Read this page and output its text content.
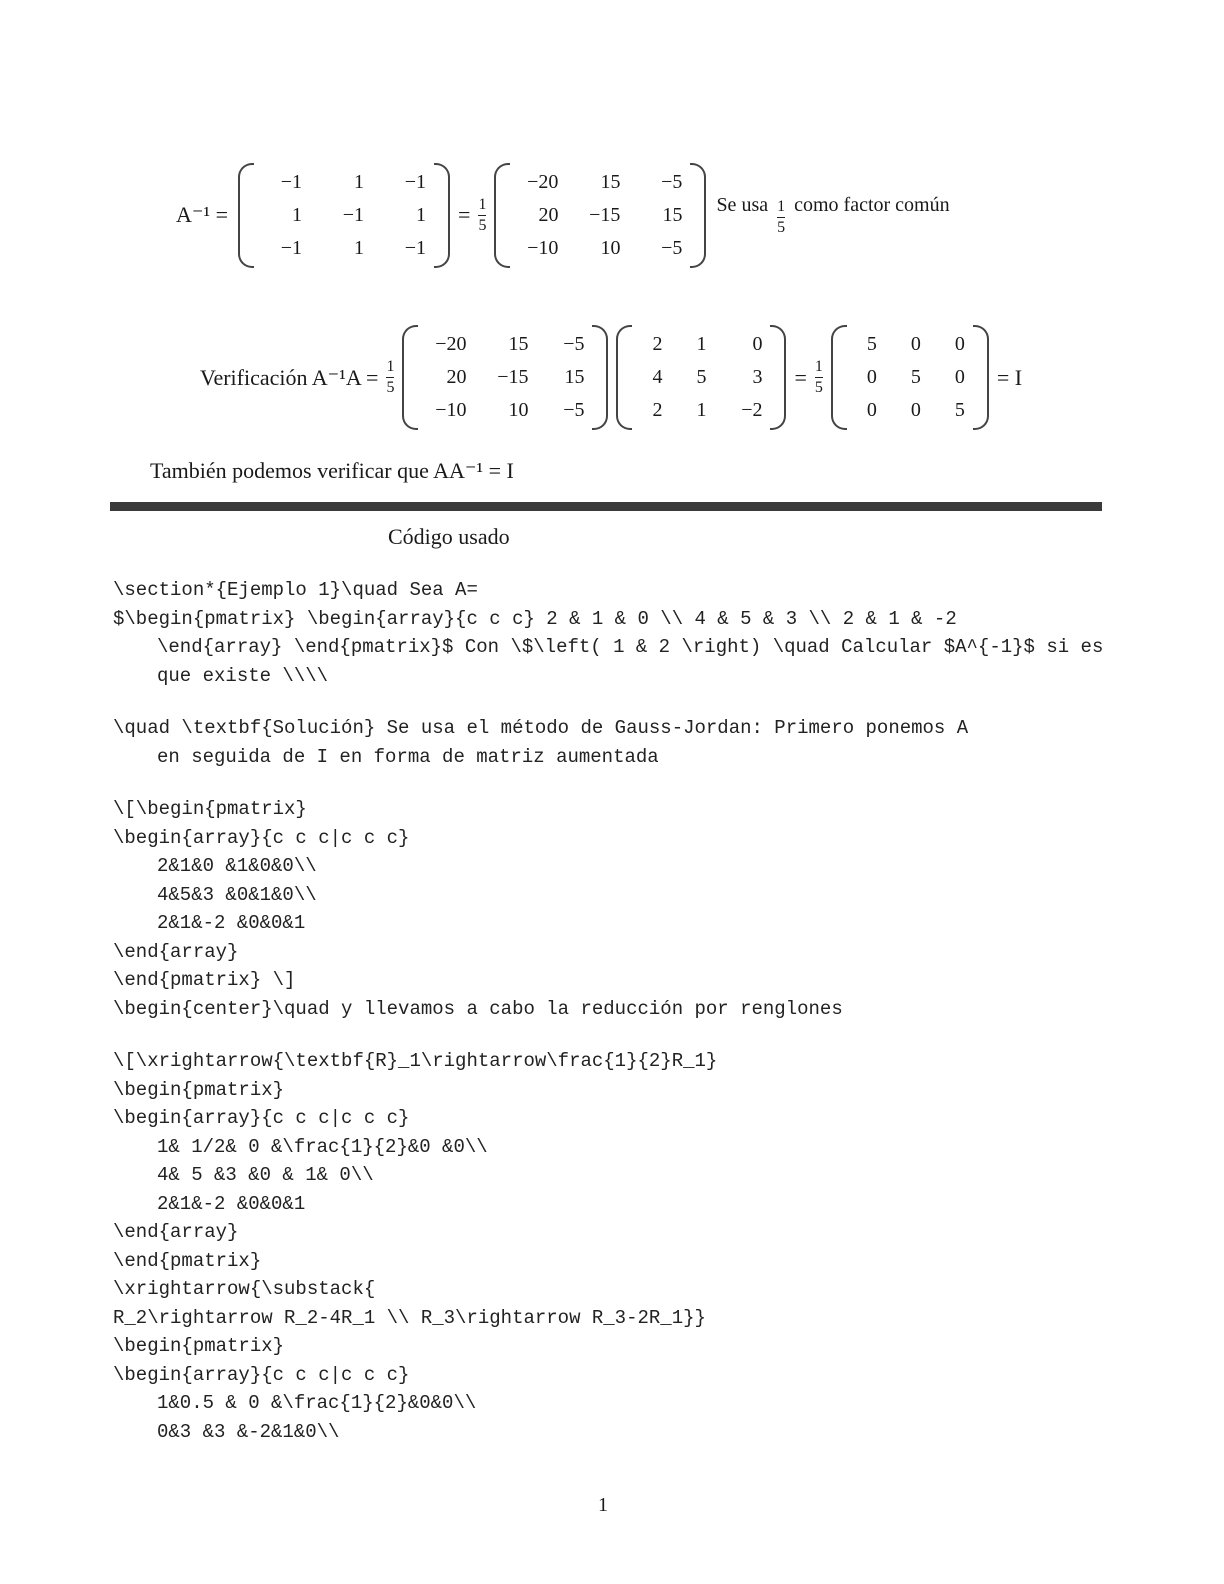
A⁻¹ =
−1	1	−1
1	−1	1
−1	1	−1
= $\frac{1}{5}$
−20	15	−5
20	−15	15
−10	10	−5
Se usa $\frac{1}{5}$ como factor común
Verificación $A^{-1}A = \frac{1}{5}$
−20	15	−5
20	−15	15
−10	10	−5
2	1	0
4	5	3
2	1	−2
= $\frac{1}{5}$
5	0	0
0	5	0
0	0	5
= I
También podemos verificar que AA⁻¹ = I
Código usado
\section*{Ejemplo 1}\quad Sea A=
$\begin{pmatrix} \begin{array}{c c c} 2 & 1 & 0 \\ 4 & 5 & 3 \\ 2 & 1 & -2
\end{array} \end{pmatrix}$ Con \$\left( 1 & 2 \right) \quad Calcular $A^{-1}$ si es
que existe \\\\
\quad \textbf{Solución} Se usa el método de Gauss-Jordan: Primero ponemos A
en seguida de I en forma de matriz aumentada
\[\begin{pmatrix}
\begin{array}{c c c|c c c}
2&1&0 &1&0&0\\
4&5&3 &0&1&0\\
2&1&-2 &0&0&1
\end{array}
\end{pmatrix} \]
\begin{center}\quad y llevamos a cabo la reducción por renglones
\[\xrightarrow{\textbf{R}_1\rightarrow\frac{1}{2}R_1}
\begin{pmatrix}
\begin{array}{c c c|c c c}
1& 1/2& 0 &\frac{1}{2}&0 &0\\
4& 5 &3 &0 & 1& 0\\
2&1&-2 &0&0&1
\end{array}
\end{pmatrix}
\xrightarrow{\substack{
R_2\rightarrow R_2-4R_1 \\ R_3\rightarrow R_3-2R_1}}
\begin{pmatrix}
\begin{array}{c c c|c c c}
1&0.5 & 0 &\frac{1}{2}&0&0\\
0&3 &3 &-2&1&0\\
1
